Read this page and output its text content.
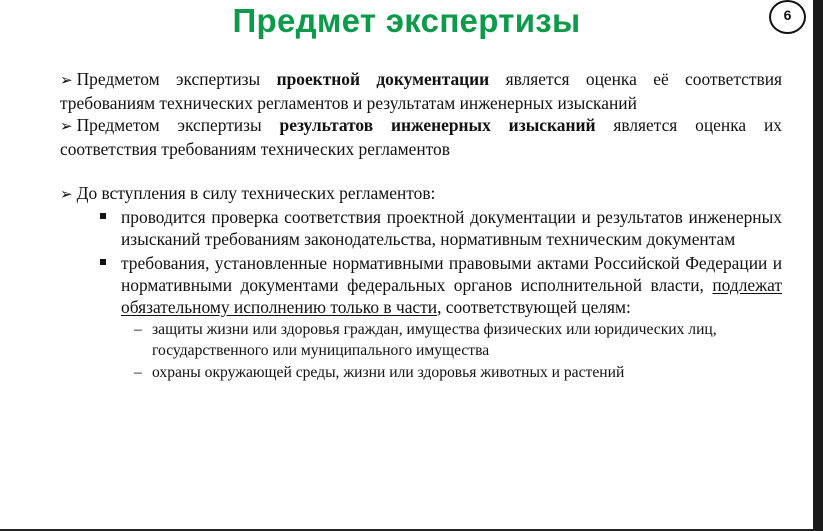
Предмет экспертизы	6
➢ Предметом экспертизы проектной документации является оценка её соответствия требованиям технических регламентов и результатам инженерных изысканий
➢ Предметом экспертизы результатов инженерных изысканий является оценка их соответствия требованиям технических регламентов
➢ До вступления в силу технических регламентов:
проводится проверка соответствия проектной документации и результатов инженерных изысканий требованиям законодательства, нормативным техническим документам
требования, установленные нормативными правовыми актами Российской Федерации и нормативными документами федеральных органов исполнительной власти, подлежат обязательному исполнению только в части, соответствующей целям:
– защиты жизни или здоровья граждан, имущества физических или юридических лиц, государственного или муниципального имущества
– охраны окружающей среды, жизни или здоровья животных и растений
